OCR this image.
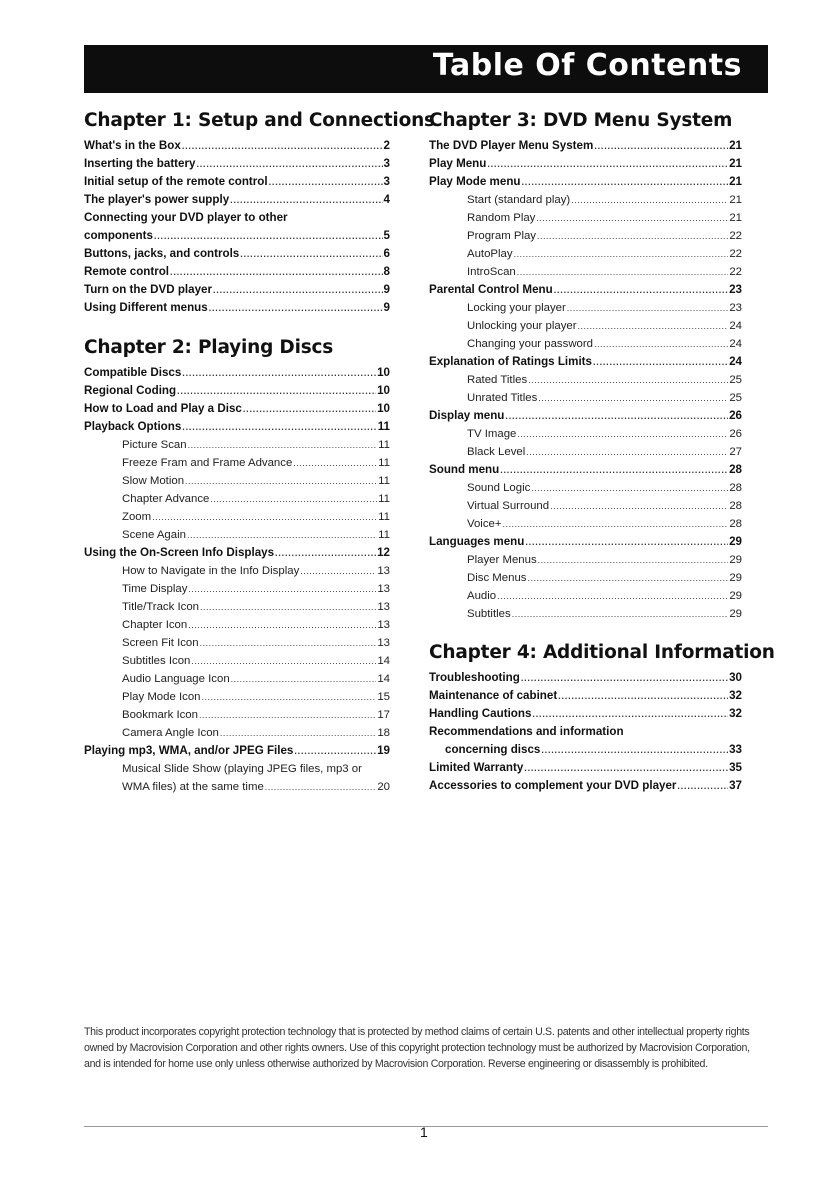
Table Of Contents
Chapter 1: Setup and Connections
What's in the Box .....	2
Inserting the battery .....	3
Initial setup of the remote control .....	3
The player's power supply .....	4
Connecting your DVD player to other
components .....	5
Buttons, jacks, and controls .....	6
Remote control .....	8
Turn on the DVD player .....	9
Using Different menus .....	9
Chapter 2: Playing Discs
Compatible Discs .....	10
Regional Coding .....	10
How to Load and Play a Disc .....	10
Playback Options .....	11
Picture Scan .....	11
Freeze Fram and Frame Advance .....	11
Slow Motion .....	11
Chapter Advance .....	11
Zoom .....	11
Scene Again .....	11
Using the On-Screen Info Displays .....	12
How to Navigate in the Info Display .....	13
Time Display .....	13
Title/Track Icon .....	13
Chapter Icon .....	13
Screen Fit Icon .....	13
Subtitles Icon .....	14
Audio Language Icon .....	14
Play Mode Icon .....	15
Bookmark Icon .....	17
Camera Angle Icon .....	18
Playing mp3, WMA, and/or JPEG Files .....	19
Musical Slide Show (playing JPEG files, mp3 or
WMA files) at the same time .....	20
Chapter 3: DVD Menu System
The DVD Player Menu System .....	21
Play Menu .....	21
Play Mode menu .....	21
Start (standard play) .....	21
Random Play .....	21
Program Play .....	22
AutoPlay .....	22
IntroScan .....	22
Parental Control Menu .....	23
Locking your player .....	23
Unlocking your player .....	24
Changing your password .....	24
Explanation of Ratings Limits .....	24
Rated Titles .....	25
Unrated Titles .....	25
Display menu .....	26
TV Image .....	26
Black Level .....	27
Sound menu .....	28
Sound Logic .....	28
Virtual Surround .....	28
Voice+ .....	28
Languages menu .....	29
Player Menus .....	29
Disc Menus .....	29
Audio .....	29
Subtitles .....	29
Chapter 4: Additional Information
Troubleshooting .....	30
Maintenance of cabinet .....	32
Handling Cautions .....	32
Recommendations and information
concerning discs .....	33
Limited Warranty .....	35
Accessories to complement your DVD player .....	37
This product incorporates copyright protection technology that is protected by method claims of certain U.S. patents and other intellectual property rights owned by Macrovision Corporation and other rights owners. Use of this copyright protection technology must be authorized by Macrovision Corporation, and is intended for home use only unless otherwise authorized by Macrovision Corporation. Reverse engineering or disassembly is prohibited.
1
